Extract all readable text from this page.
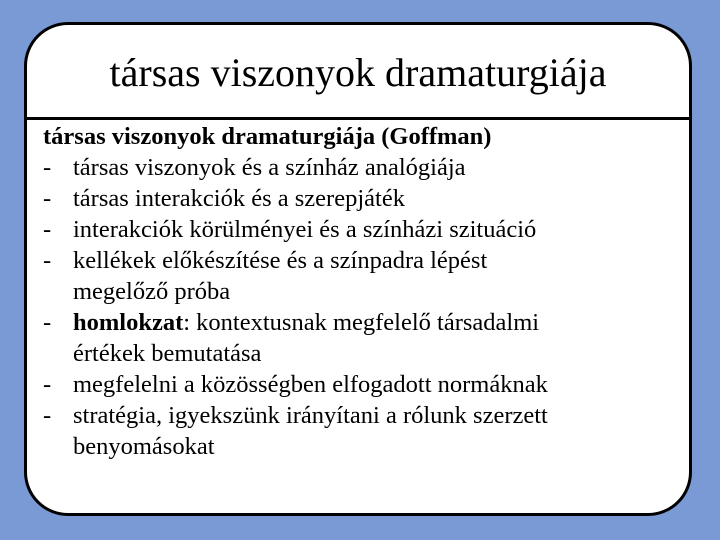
társas viszonyok dramaturgiája
társas viszonyok dramaturgiája (Goffman)
- társas viszonyok és a színház analógiája
- társas interakciók és a szerepjáték
- interakciók körülményei és a színházi szituáció
- kellékek előkészítése és a színpadra lépést
megelőző próba
- homlokzat: kontextusnak megfelelő társadalmi
értékek bemutatása
- megfelelni a közösségben elfogadott normáknak
- stratégia, igyekszünk irányítani a rólunk szerzett
benyomásokat
